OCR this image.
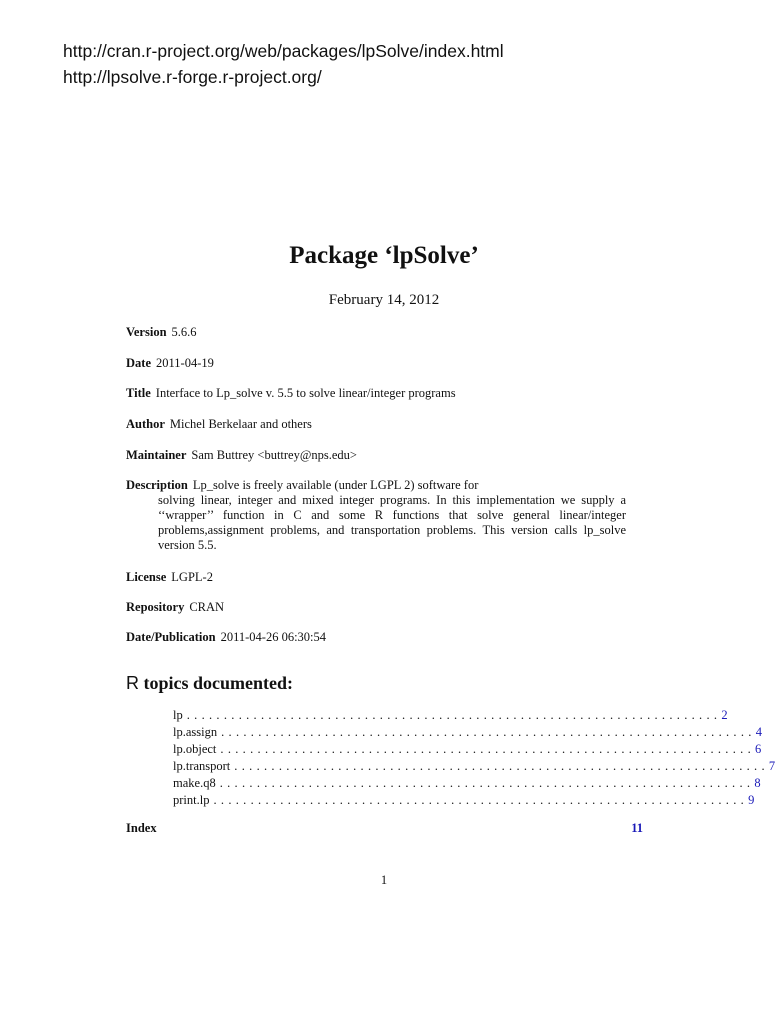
http://cran.r-project.org/web/packages/lpSolve/index.html
http://lpsolve.r-forge.r-project.org/
Package ‘lpSolve’
February 14, 2012
Version 5.6.6
Date 2011-04-19
Title Interface to Lp_solve v. 5.5 to solve linear/integer programs
Author Michel Berkelaar and others
Maintainer Sam Buttrey <buttrey@nps.edu>
Description Lp_solve is freely available (under LGPL 2) software for
solving linear, integer and mixed integer programs. In this implementation we supply a ‘‘wrapper’’ function in C and some R functions that solve general linear/integer problems,assignment problems, and transportation problems. This version calls lp_solve version 5.5.
License LGPL-2
Repository CRAN
Date/Publication 2011-04-26 06:30:54
R topics documented:
lp ........................................................................ 2
lp.assign ........................................................................ 4
lp.object ........................................................................ 6
lp.transport ........................................................................ 7
make.q8 ........................................................................ 8
print.lp ........................................................................ 9
Index	11
1
